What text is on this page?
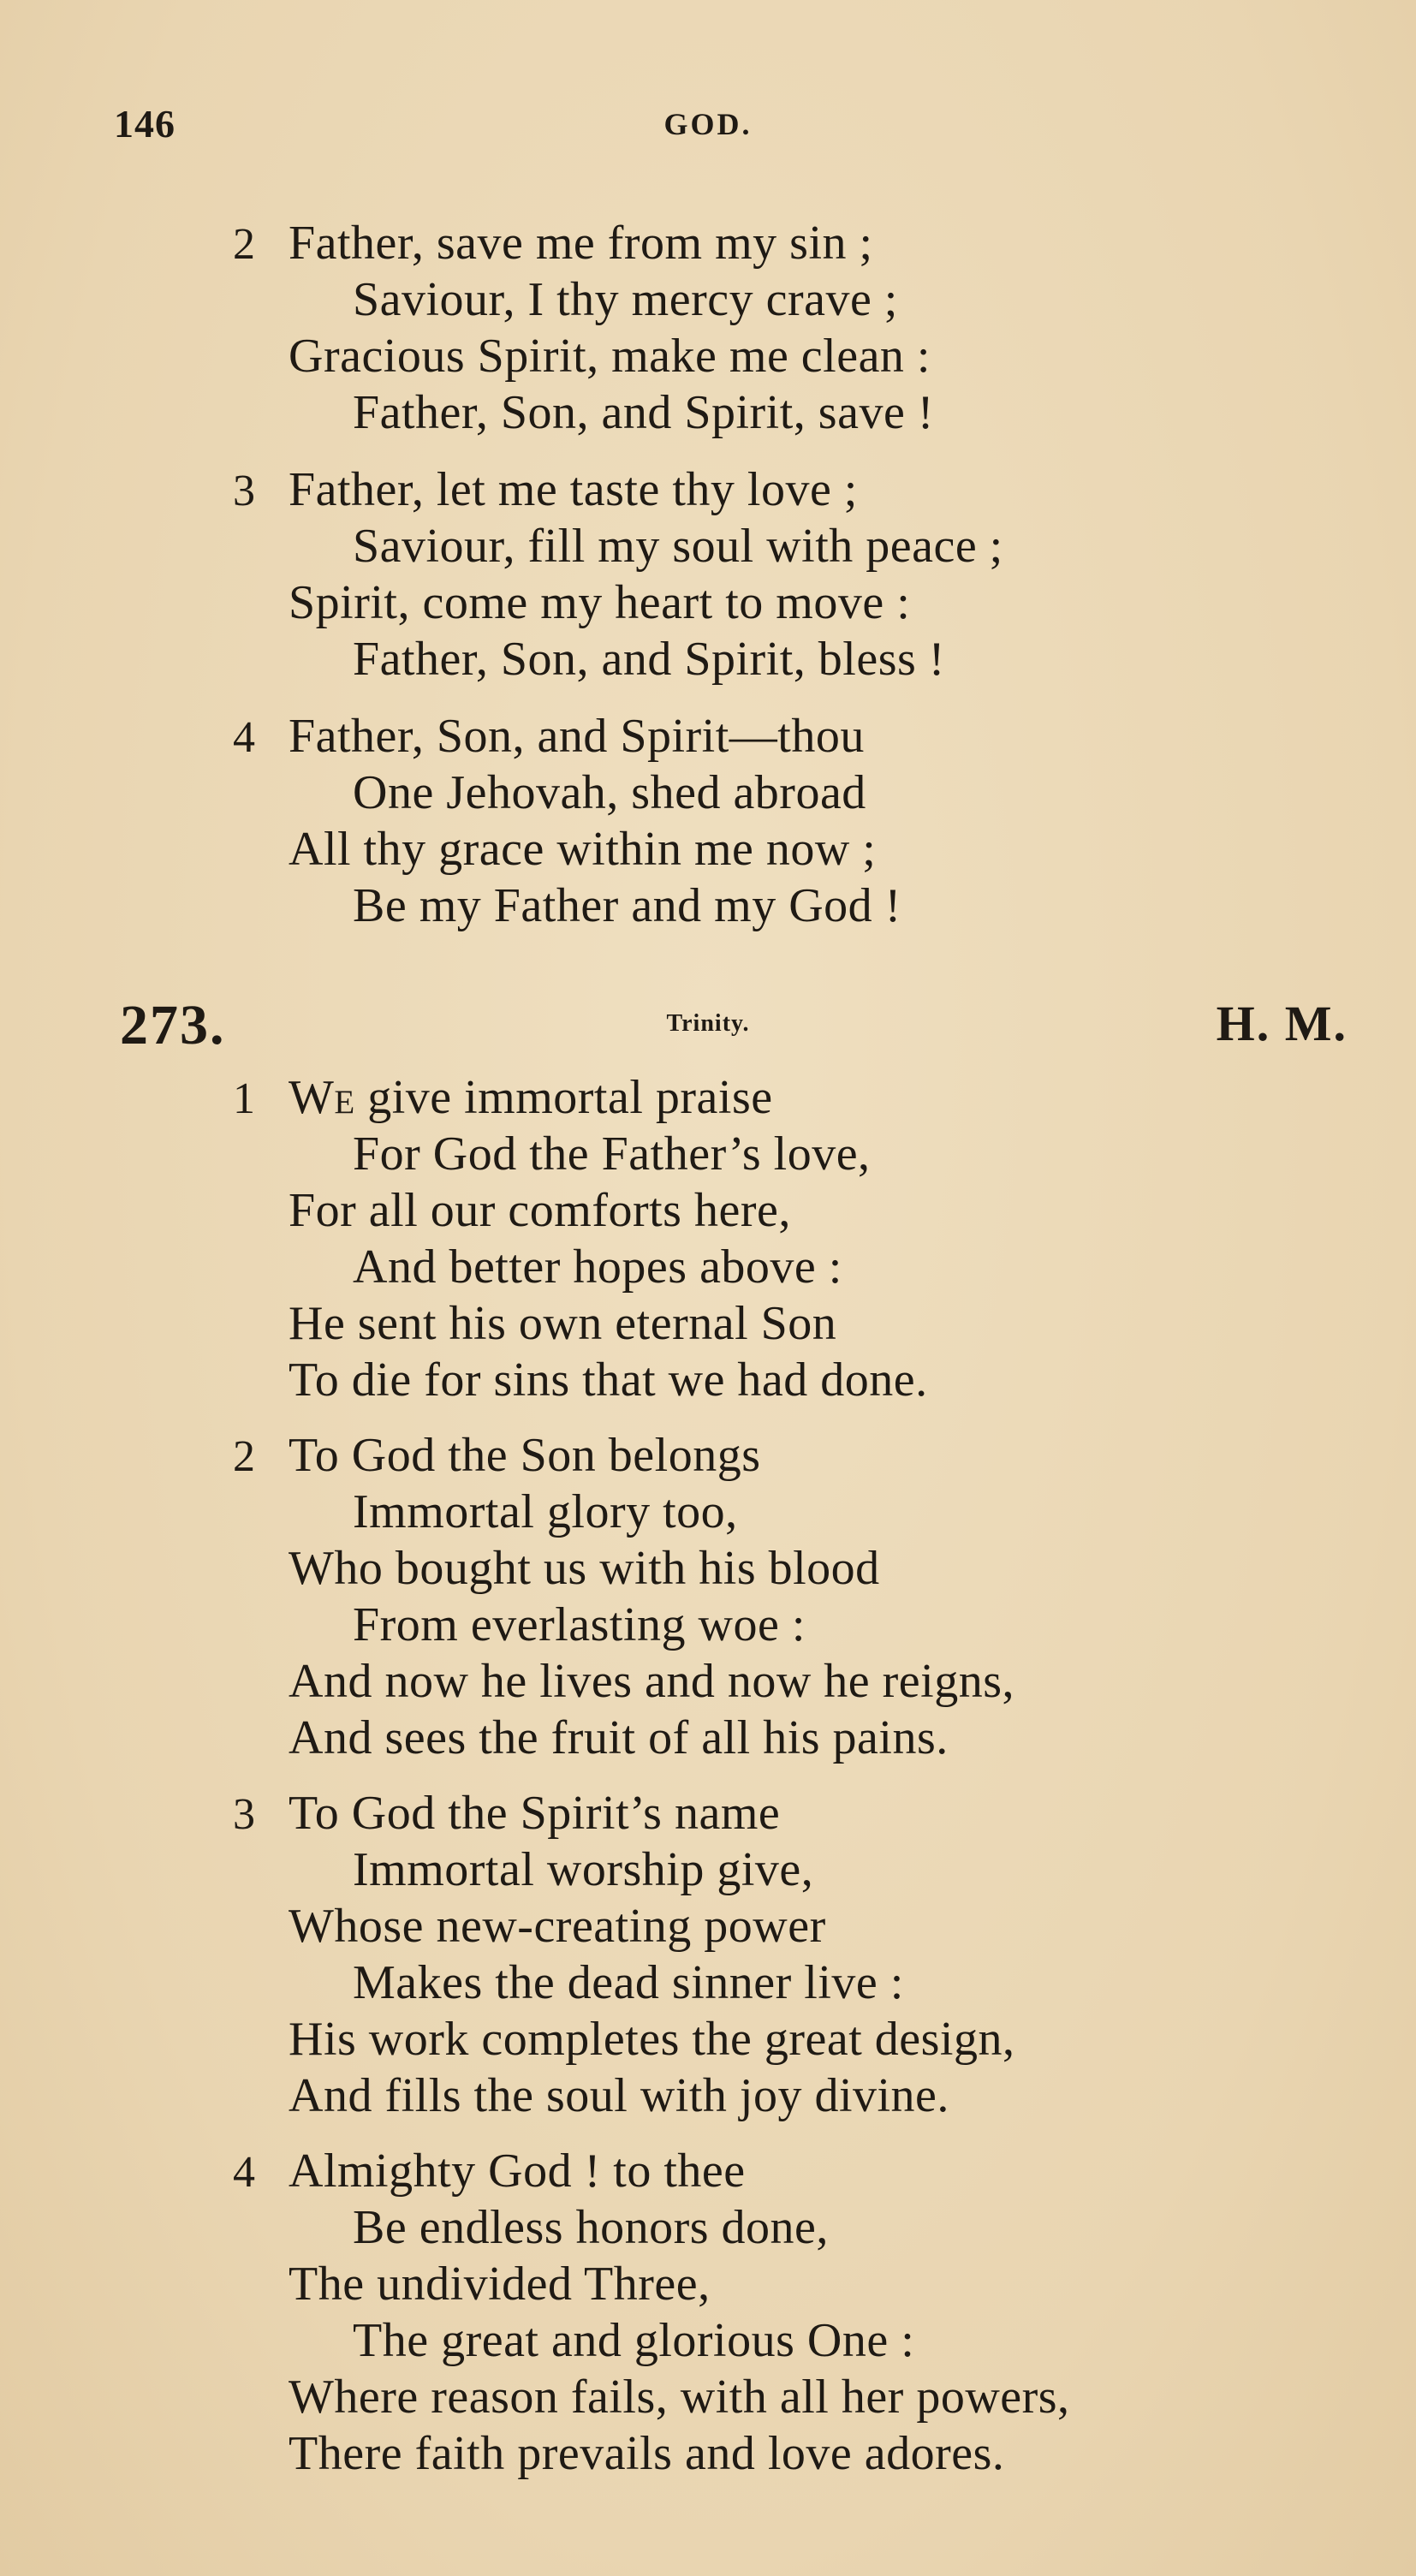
146	GOD.
2 Father, save me from my sin ;
Saviour, I thy mercy crave ;
Gracious Spirit, make me clean :
Father, Son, and Spirit, save !
3 Father, let me taste thy love ;
Saviour, fill my soul with peace ;
Spirit, come my heart to move :
Father, Son, and Spirit, bless !
4 Father, Son, and Spirit—thou
One Jehovah, shed abroad
All thy grace within me now ;
Be my Father and my God !
273.	Trinity.	H. M.
1 We give immortal praise
For God the Father’s love,
For all our comforts here,
And better hopes above :
He sent his own eternal Son
To die for sins that we had done.
2 To God the Son belongs
Immortal glory too,
Who bought us with his blood
From everlasting woe :
And now he lives and now he reigns,
And sees the fruit of all his pains.
3 To God the Spirit’s name
Immortal worship give,
Whose new-creating power
Makes the dead sinner live :
His work completes the great design,
And fills the soul with joy divine.
4 Almighty God ! to thee
Be endless honors done,
The undivided Three,
The great and glorious One :
Where reason fails, with all her powers,
There faith prevails and love adores.
